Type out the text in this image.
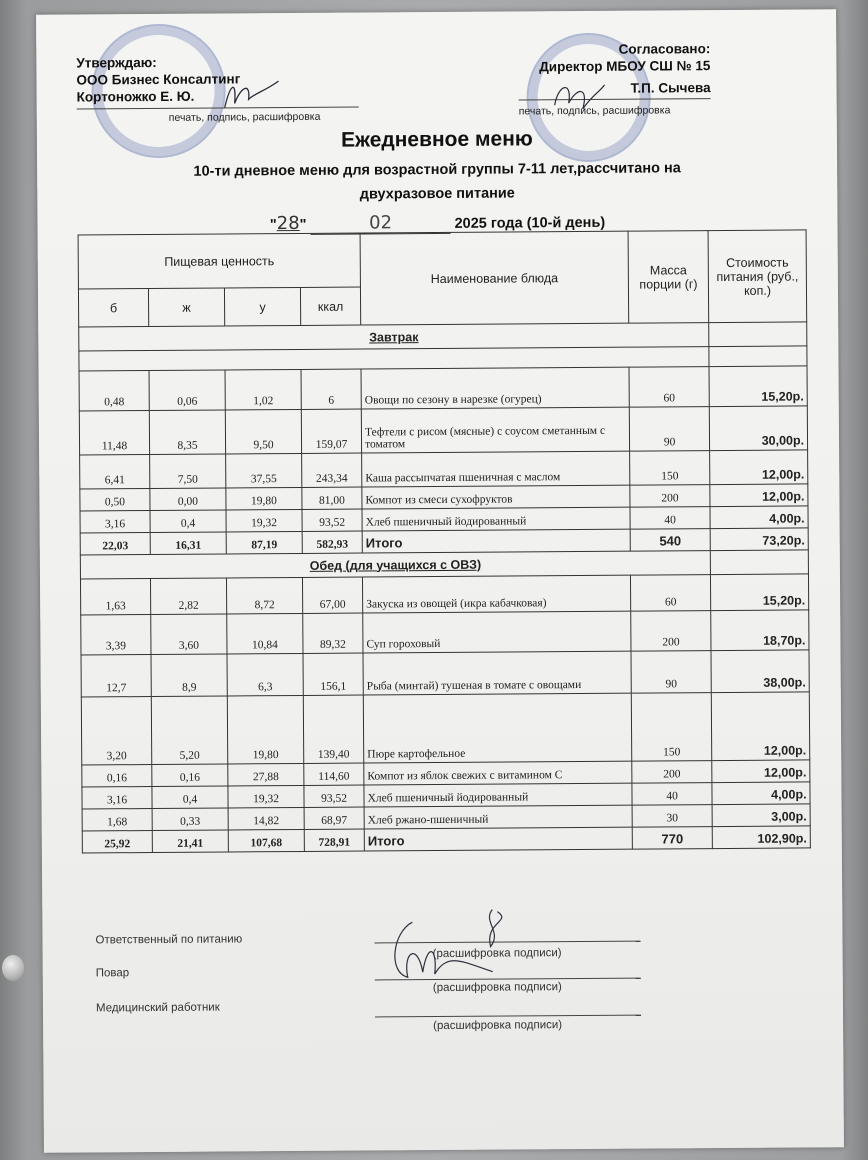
Утверждаю:
ООО Бизнес Консалтинг
Кортоножко Е. Ю.
печать, подпись, расшифровка
Согласовано:
Директор МБОУ СШ № 15
Т.П. Сычева
печать, подпись, расшифровка
Ежедневное меню
10-ти дневное меню для возрастной группы 7-11 лет,рассчитано на
двухразовое питание
"28"	02	2025 года (10-й день)
Пищевая ценность				Наименование блюда	Масса порции (г)	Стоимость питания (руб., коп.)
б	ж	у	ккал			
Завтрак						

0,48	0,06	1,02	6	Овощи по сезону в нарезке (огурец)	60	15,20р.
11,48	8,35	9,50	159,07	Тефтели с рисом (мясные) с соусом сметанным с томатом	90	30,00р.
6,41	7,50	37,55	243,34	Каша рассыпчатая пшеничная с маслом	150	12,00р.
0,50	0,00	19,80	81,00	Компот из смеси сухофруктов	200	12,00р.
3,16	0,4	19,32	93,52	Хлеб пшеничный йодированный	40	4,00р.
22,03	16,31	87,19	582,93	Итого	540	73,20р.
Обед (для учащихся с ОВЗ)						
1,63	2,82	8,72	67,00	Закуска из овощей (икра кабачковая)	60	15,20р.
3,39	3,60	10,84	89,32	Суп гороховый	200	18,70р.
12,7	8,9	6,3	156,1	Рыба (минтай) тушеная в томате с овощами	90	38,00р.
3,20	5,20	19,80	139,40	Пюре картофельное	150	12,00р.
0,16	0,16	27,88	114,60	Компот из яблок свежих с витамином С	200	12,00р.
3,16	0,4	19,32	93,52	Хлеб пшеничный йодированный	40	4,00р.
1,68	0,33	14,82	68,97	Хлеб ржано-пшеничный	30	3,00р.
25,92	21,41	107,68	728,91	Итого	770	102,90р.
Ответственный по питанию
(расшифровка подписи)
Повар
(расшифровка подписи)
Медицинский работник
(расшифровка подписи)
